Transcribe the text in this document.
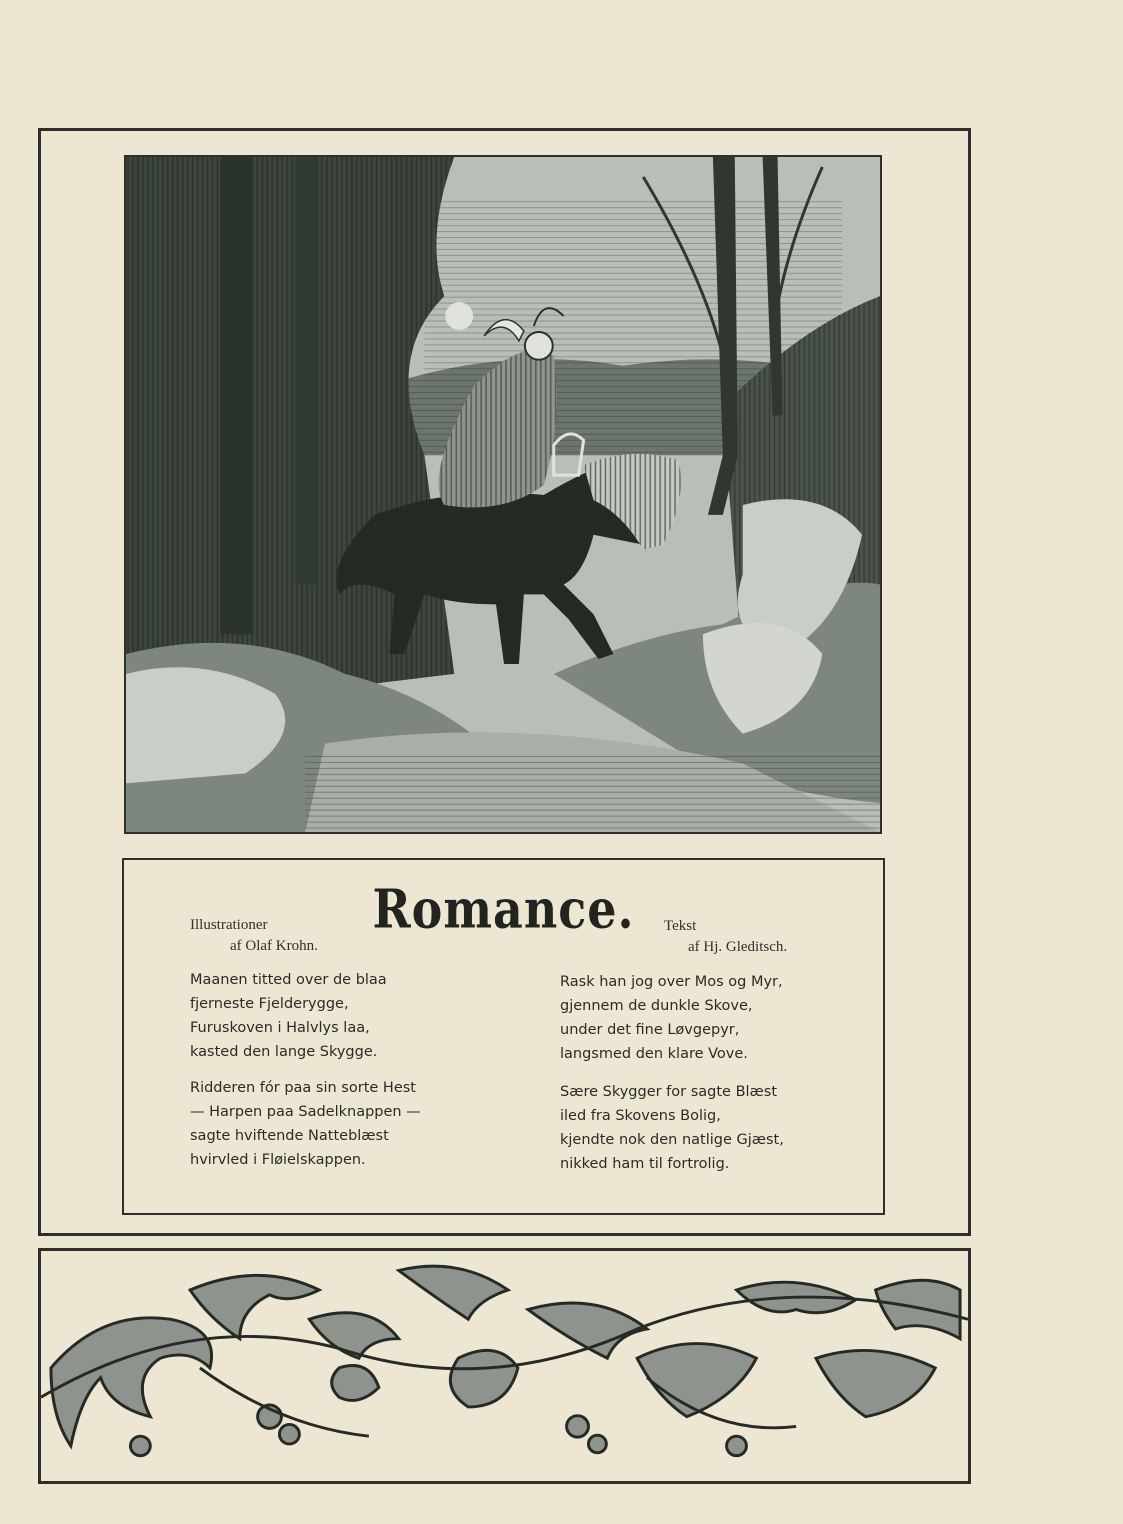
Illustrationer
af Olaf Krohn.
Romance.	Tekst
af Hj. Gleditsch.
Maanen titted over de blaa
fjerneste Fjelderygge,
Furuskoven i Halvlys laa,
kasted den lange Skygge.
Ridderen fór paa sin sorte Hest
— Harpen paa Sadelknappen —
sagte hviftende Natteblæst
hvirvled i Fløielskappen.
Rask han jog over Mos og Myr,
gjennem de dunkle Skove,
under det fine Løvgepyr,
langsmed den klare Vove.
Sære Skygger for sagte Blæst
iled fra Skovens Bolig,
kjendte nok den natlige Gjæst,
nikked ham til fortrolig.
